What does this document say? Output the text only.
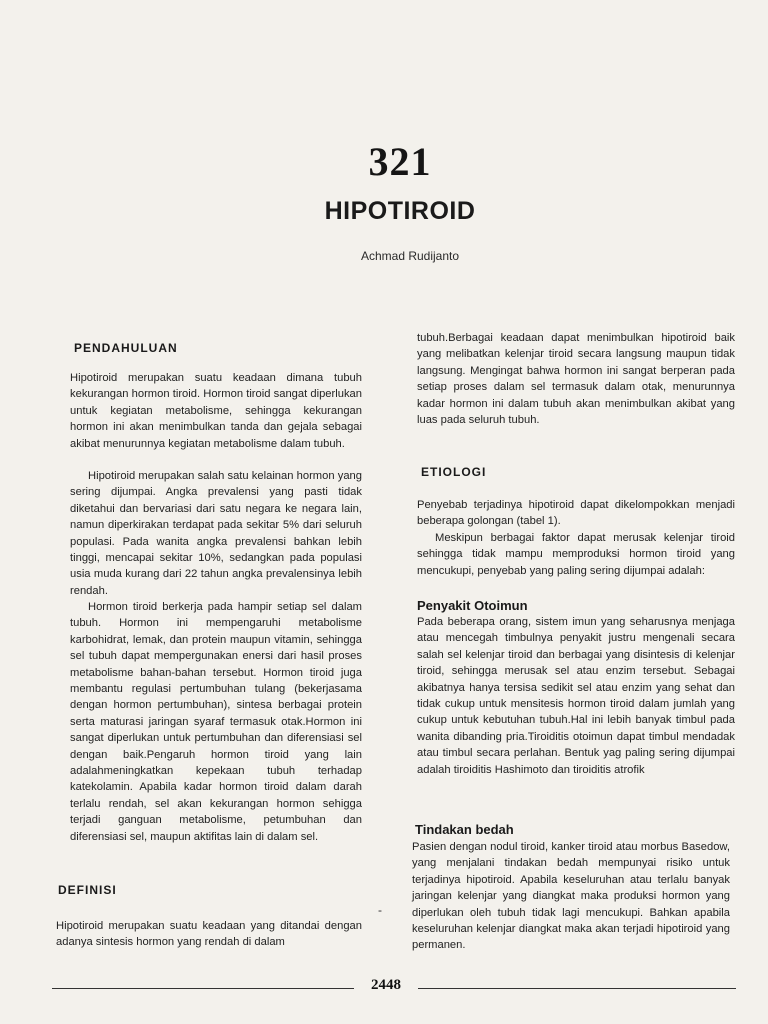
321
HIPOTIROID
Achmad Rudijanto
PENDAHULUAN
Hipotiroid merupakan suatu keadaan dimana tubuh kekurangan hormon tiroid. Hormon tiroid sangat diperlukan untuk kegiatan metabolisme, sehingga kekurangan hormon ini akan menimbulkan tanda dan gejala sebagai akibat menurunnya kegiatan metabolisme dalam tubuh.
Hipotiroid merupakan salah satu kelainan hormon yang sering dijumpai. Angka prevalensi yang pasti tidak diketahui dan bervariasi dari satu negara ke negara lain, namun diperkirakan terdapat pada sekitar 5% dari seluruh populasi. Pada wanita angka prevalensi bahkan lebih tinggi, mencapai sekitar 10%, sedangkan pada populasi usia muda kurang dari 22 tahun angka prevalensinya lebih rendah.
Hormon tiroid berkerja pada hampir setiap sel dalam tubuh. Hormon ini mempengaruhi metabolisme karbohidrat, lemak, dan protein maupun vitamin, sehingga sel tubuh dapat mempergunakan enersi dari hasil proses metabolisme bahan-bahan tersebut. Hormon tiroid juga membantu regulasi pertumbuhan tulang (bekerjasama dengan hormon pertumbuhan), sintesa berbagai protein serta maturasi jaringan syaraf termasuk otak.Hormon ini sangat diperlukan untuk pertumbuhan dan diferensiasi sel dengan baik.Pengaruh hormon tiroid yang lain adalahmeningkatkan kepekaan tubuh terhadap katekolamin. Apabila kadar hormon tiroid dalam darah terlalu rendah, sel akan kekurangan hormon sehigga terjadi ganguan metabolisme, petumbuhan dan diferensiasi sel, maupun aktifitas lain di dalam sel.
DEFINISI
Hipotiroid merupakan suatu keadaan yang ditandai dengan adanya sintesis hormon yang rendah di dalam
-
tubuh.Berbagai keadaan dapat menimbulkan hipotiroid baik yang melibatkan kelenjar tiroid secara langsung maupun tidak langsung. Mengingat bahwa hormon ini sangat berperan pada setiap proses dalam sel termasuk dalam otak, menurunnya kadar hormon ini dalam tubuh akan menimbulkan akibat yang luas pada seluruh tubuh.
ETIOLOGI
Penyebab terjadinya hipotiroid dapat dikelompokkan menjadi beberapa golongan (tabel 1).
Meskipun berbagai faktor dapat merusak kelenjar tiroid sehingga tidak mampu memproduksi hormon tiroid yang mencukupi, penyebab yang paling sering dijumpai adalah:
Penyakit Otoimun
Pada beberapa orang, sistem imun yang seharusnya menjaga atau mencegah timbulnya penyakit justru mengenali secara salah sel kelenjar tiroid dan berbagai yang disintesis di kelenjar tiroid, sehingga merusak sel atau enzim tersebut. Sebagai akibatnya hanya tersisa sedikit sel atau enzim yang sehat dan tidak cukup untuk mensitesis hormon tiroid dalam jumlah yang cukup untuk kebutuhan tubuh.Hal ini lebih banyak timbul pada wanita dibanding pria.Tiroiditis otoimun dapat timbul mendadak atau timbul secara perlahan. Bentuk yag paling sering dijumpai adalah tiroiditis Hashimoto dan tiroiditis atrofik
Tindakan bedah
Pasien dengan nodul tiroid, kanker tiroid atau morbus Basedow, yang menjalani tindakan bedah mempunyai risiko untuk terjadinya hipotiroid. Apabila keseluruhan atau terlalu banyak jaringan kelenjar yang diangkat maka produksi hormon yang diperlukan oleh tubuh tidak lagi mencukupi. Bahkan apabila keseluruhan kelenjar diangkat maka akan terjadi hipotiroid yang permanen.
2448
